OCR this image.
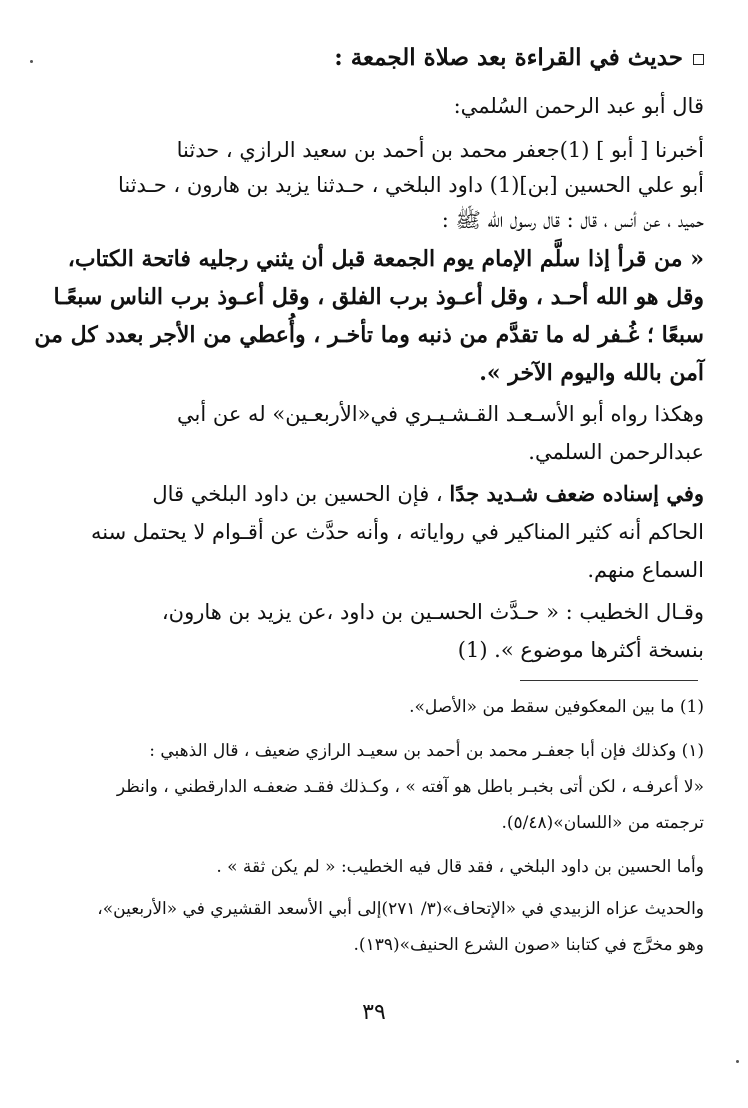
حديث في القراءة بعد صلاة الجمعة :
قال أبو عبد الرحمن السُلمي:
أخبرنا [ أبو ] (1)جعفر محمد بن أحمد بن سعيد الرازي ، حدثنا
أبو علي الحسين [بن](1) داود البلخي ، حـدثنا يزيد بن هارون ، حـدثنا
حميد ، عن أنس ، قال : قال رسول الله ﷺ :
« من قرأ إذا سلَّم الإمام يوم الجمعة قبل أن يثني رجليه فاتحة الكتاب،
وقل هو الله أحـد ، وقل أعـوذ برب الفلق ، وقل أعـوذ برب الناس سبعًـا
سبعًا ؛ غُـفر له ما تقدَّم من ذنبه وما تأخـر ، وأُعطي من الأجر بعدد كل من
آمن بالله واليوم الآخر ».
وهكذا رواه أبو الأسـعـد القـشـيـري في«الأربعـين» له عن أبي
عبدالرحمن السلمي.
وفي إسناده ضعف شـديد جدًا ، فإن الحسين بن داود البلخي قال
الحاكم أنه كثير المناكير في رواياته ، وأنه حدَّث عن أقـوام لا يحتمل سنه
السماع منهم.
وقـال الخطيب : « حـدَّث الحسـين بن داود ،عن يزيد بن هارون،
بنسخة أكثرها موضوع ». (1)
(1) ما بين المعكوفين سقط من «الأصل».
(١) وكذلك فإن أبا جعفـر محمد بن أحمد بن سعيـد الرازي ضعيف ، قال الذهبي :
«لا أعرفـه ، لكن أتى بخبـر باطل هو آفته » ، وكـذلك فقـد ضعفـه الدارقطني ، وانظر
ترجمته من «اللسان»(٥/٤٨).
وأما الحسين بن داود البلخي ، فقد قال فيه الخطيب: « لم يكن ثقة » .
والحديث عزاه الزبيدي في «الإتحاف»(٣/ ٢٧١)إلى أبي الأسعد القشيري في «الأربعين»،
وهو مخرَّج في كتابنا «صون الشرع الحنيف»(١٣٩).
٣٩
